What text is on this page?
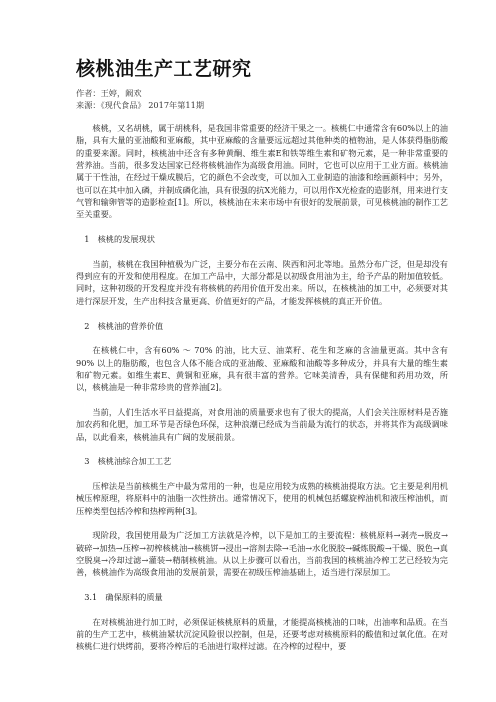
核桃油生产工艺研究

作者：王婷，阚欢

来源：《现代食品》 2017年第11期

核桃，又名胡桃，属于胡桃科，是我国非常重要的经济干果之一。核桃仁中通常含有60%以上的油脂，具有大量的亚油酸和亚麻酸，其中亚麻酸的含量要远远超过其他种类的植物油，是人体获得脂肪酸的重要来源。同时，核桃油中还含有多种黄酮、维生素E和铁等维生素和矿物元素，是一种非常重要的营养油。当前，很多发达国家已经将核桃油作为高级食用油。同时，它也可以应用于工业方面。核桃油属于干性油，在经过干燥成膜后，它的颜色不会改变，可以加入工业制造的油漆和绘画颜料中；另外，也可以在其中加入磷，并制成磷化油，具有很强的抗X光能力，可以用作X光检查的造影剂，用来进行支气管和输卵管等的造影检查[1]。所以，核桃油在未来市场中有很好的发展前景，可见核桃油的制作工艺至关重要。

1　核桃的发展现状

当前，核桃在我国种植极为广泛，主要分布在云南、陕西和河北等地。虽然分布广泛，但是却没有得到应有的开发和使用程度。在加工产品中，大部分都是以初级食用油为主，给予产品的附加值较低。同时，这种初级的开发程度并没有将核桃的药用价值开发出来。所以，在核桃油的加工中，必须要对其进行深层开发，生产出科技含量更高、价值更好的产品，才能发挥核桃的真正开价值。

2　核桃油的营养价值

在核桃仁中，含有60% ～ 70% 的油，比大豆、油菜籽、花生和芝麻的含油量更高。其中含有90% 以上的脂肪酸，也包含人体不能合成的亚油酸、亚麻酸和油酸等多种成分，并具有大量的维生素和矿物元素。如维生素E、黄铜和亚麻，具有很丰富的营养。它味美清香，具有保健和药用功效，所以，核桃油是一种非常珍贵的营养油[2]。

当前，人们生活水平日益提高，对食用油的质量要求也有了很大的提高，人们会关注原材料是否施加农药和化肥，加工环节是否绿色环保，这种浪潮已经成为当前最为流行的状态，并将其作为高级调味品，以此看来，核桃油具有广阔的发展前景。

3　核桃油综合加工工艺

压榨法是当前核桃生产中最为常用的一种，也是应用较为成熟的核桃油提取方法。它主要是利用机械压榨原理，将原料中的油脂一次性挤出。通常情况下，使用的机械包括螺旋榨油机和液压榨油机，而压榨类型包括冷榨和热榨两种[3]。

现阶段，我国使用最为广泛加工方法就是冷榨，以下是加工的主要流程：核桃原料→剥壳→脱皮→破碎→加热→压榨→初榨核桃油→核桃饼→浸出→溶剂去除→毛油→水化脱胶→碱炼脱酸→干燥、脱色→真空脱臭→冷却过滤→灌装→精制核桃油。从以上步骤可以看出，当前我国的核桃油冷榨工艺已经较为完善，核桃油作为高级食用油的发展前景，需要在初级压榨油基础上，适当进行深层加工。

3.1　确保原料的质量

在对核桃油进行加工时，必须保证核桃原料的质量，才能提高核桃油的口味，出油率和品质。在当前的生产工艺中，核桃油紧状沉淀风险很以控制，但是，还要考虑对核桃原料的酸值和过氧化值。在对核桃仁进行烘烤前，要将冷榨后的毛油进行取样过滤。在冷榨的过程中，要
